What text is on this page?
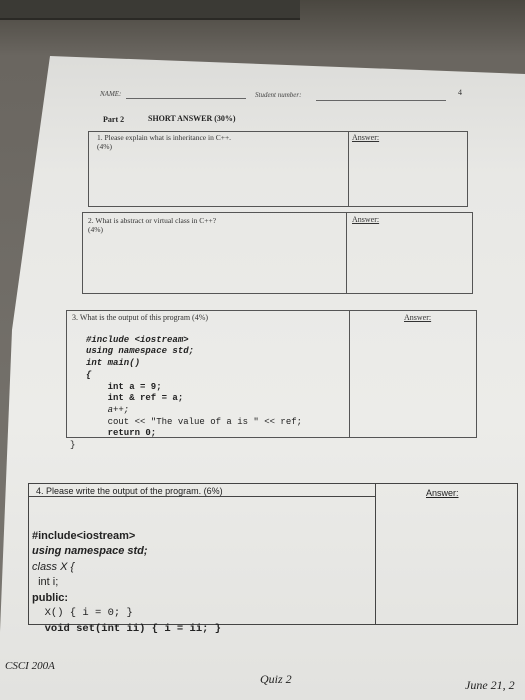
NAME:	Student number:	4
Part 2	SHORT ANSWER (30%)
1. Please explain what is inheritance in C++.
(4%)
Answer:
2. What is abstract or virtual class in C++?
(4%)
Answer:
3. What is the output of this program (4%)	Answer:

#include <iostream>
using namespace std;
int main()
{
int a = 9;
int & ref = a;
a++;
cout << "The value of a is " << ref;
return 0;
}

4. Please write the output of the program. (6%)	Answer:

#include<iostream>
using namespace std;
class X {
int i;
public:
X() { i = 0; }
void set(int ii) { i = ii; }

CSCI 200A
Quiz 2	June 21, 2
